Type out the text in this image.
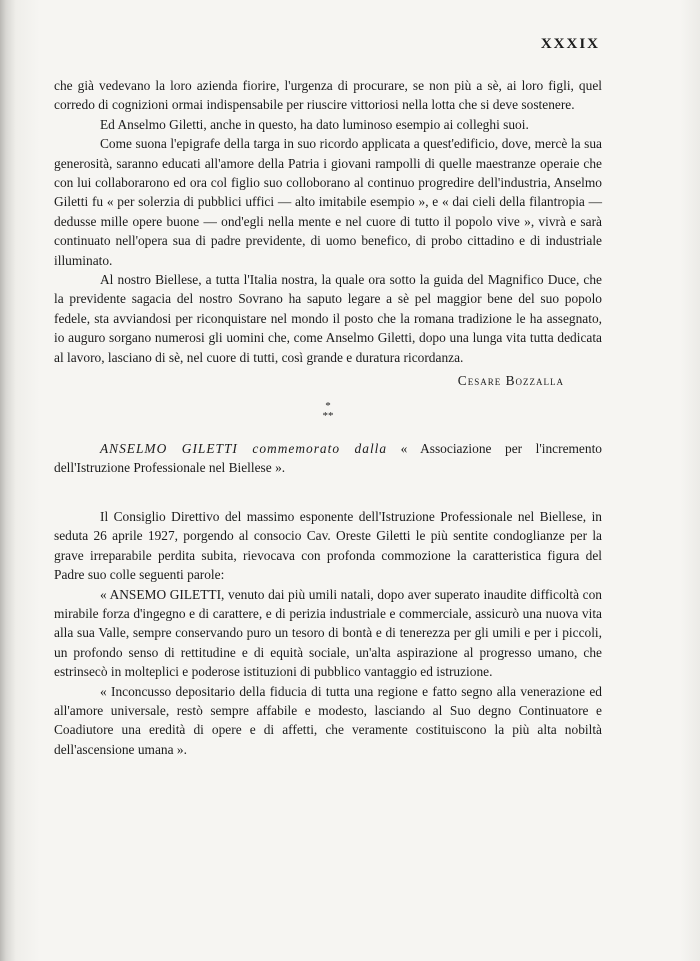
XXXIX

che già vedevano la loro azienda fiorire, l'urgenza di procurare, se non più a sè, ai loro figli, quel corredo di cognizioni ormai indispensabile per riuscire vittoriosi nella lotta che si deve sostenere.

Ed Anselmo Giletti, anche in questo, ha dato luminoso esempio ai colleghi suoi.

Come suona l'epigrafe della targa in suo ricordo applicata a quest'edificio, dove, mercè la sua generosità, saranno educati all'amore della Patria i giovani rampolli di quelle maestranze operaie che con lui collaborarono ed ora col figlio suo colloborano al continuo progredire dell'industria, Anselmo Giletti fu « per solerzia di pubblici uffici — alto imitabile esempio », e « dai cieli della filantropia — dedusse mille opere buone — ond'egli nella mente e nel cuore di tutto il popolo vive », vivrà e sarà continuato nell'opera sua di padre previdente, di uomo benefico, di probo cittadino e di industriale illuminato.

Al nostro Biellese, a tutta l'Italia nostra, la quale ora sotto la guida del Magnifico Duce, che la previdente sagacia del nostro Sovrano ha saputo legare a sè pel maggior bene del suo popolo fedele, sta avviandosi per riconquistare nel mondo il posto che la romana tradizione le ha assegnato, io auguro sorgano numerosi gli uomini che, come Anselmo Giletti, dopo una lunga vita tutta dedicata al lavoro, lasciano di sè, nel cuore di tutti, così grande e duratura ricordanza.

Cesare Bozzalla

*
**

ANSELMO GILETTI commemorato dalla « Associazione per l'incremento dell'Istruzione Professionale nel Biellese ».

Il Consiglio Direttivo del massimo esponente dell'Istruzione Professionale nel Biellese, in seduta 26 aprile 1927, porgendo al consocio Cav. Oreste Giletti le più sentite condoglianze per la grave irreparabile perdita subita, rievocava con profonda commozione la caratteristica figura del Padre suo colle seguenti parole:

« ANSEMO GILETTI, venuto dai più umili natali, dopo aver superato inaudite difficoltà con mirabile forza d'ingegno e di carattere, e di perizia industriale e commerciale, assicurò una nuova vita alla sua Valle, sempre conservando puro un tesoro di bontà e di tenerezza per gli umili e per i piccoli, un profondo senso di rettitudine e di equità sociale, un'alta aspirazione al progresso umano, che estrinsecò in molteplici e poderose istituzioni di pubblico vantaggio ed istruzione.

« Inconcusso depositario della fiducia di tutta una regione e fatto segno alla venerazione ed all'amore universale, restò sempre affabile e modesto, lasciando al Suo degno Continuatore e Coadiutore una eredità di opere e di affetti, che veramente costituiscono la più alta nobiltà dell'ascensione umana ».
